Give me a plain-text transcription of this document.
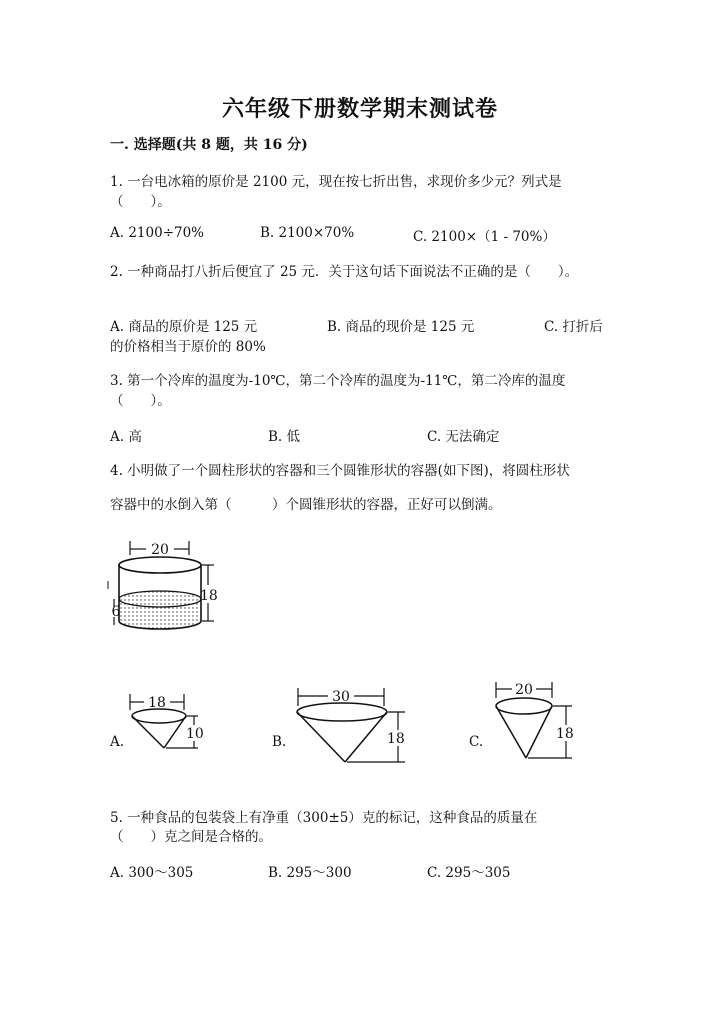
六年级下册数学期末测试卷
一. 选择题(共 8 题，共 16 分)
1. 一台电冰箱的原价是 2100 元，现在按七折出售，求现价多少元？列式是
（　　）。
A. 2100÷70%	B. 2100×70%	C. 2100×（1 - 70%）
2. 一种商品打八折后便宜了 25 元．关于这句话下面说法不正确的是（　　）。
A. 商品的原价是 125 元	B. 商品的现价是 125 元	C. 打折后
的价格相当于原价的 80%
3. 第一个冷库的温度为-10℃，第二个冷库的温度为-11℃，第二冷库的温度
（　　）。
A. 高	B. 低	C. 无法确定
4. 小明做了一个圆柱形状的容器和三个圆锥形状的容器(如下图)，将圆柱形状
容器中的水倒入第（　　　）个圆锥形状的容器，正好可以倒满。
20
18
6
A.
18
10	B.
30
18	C.
20
18
5. 一种食品的包装袋上有净重（300±5）克的标记，这种食品的质量在
（　　）克之间是合格的。
A. 300～305	B. 295～300	C. 295～305
